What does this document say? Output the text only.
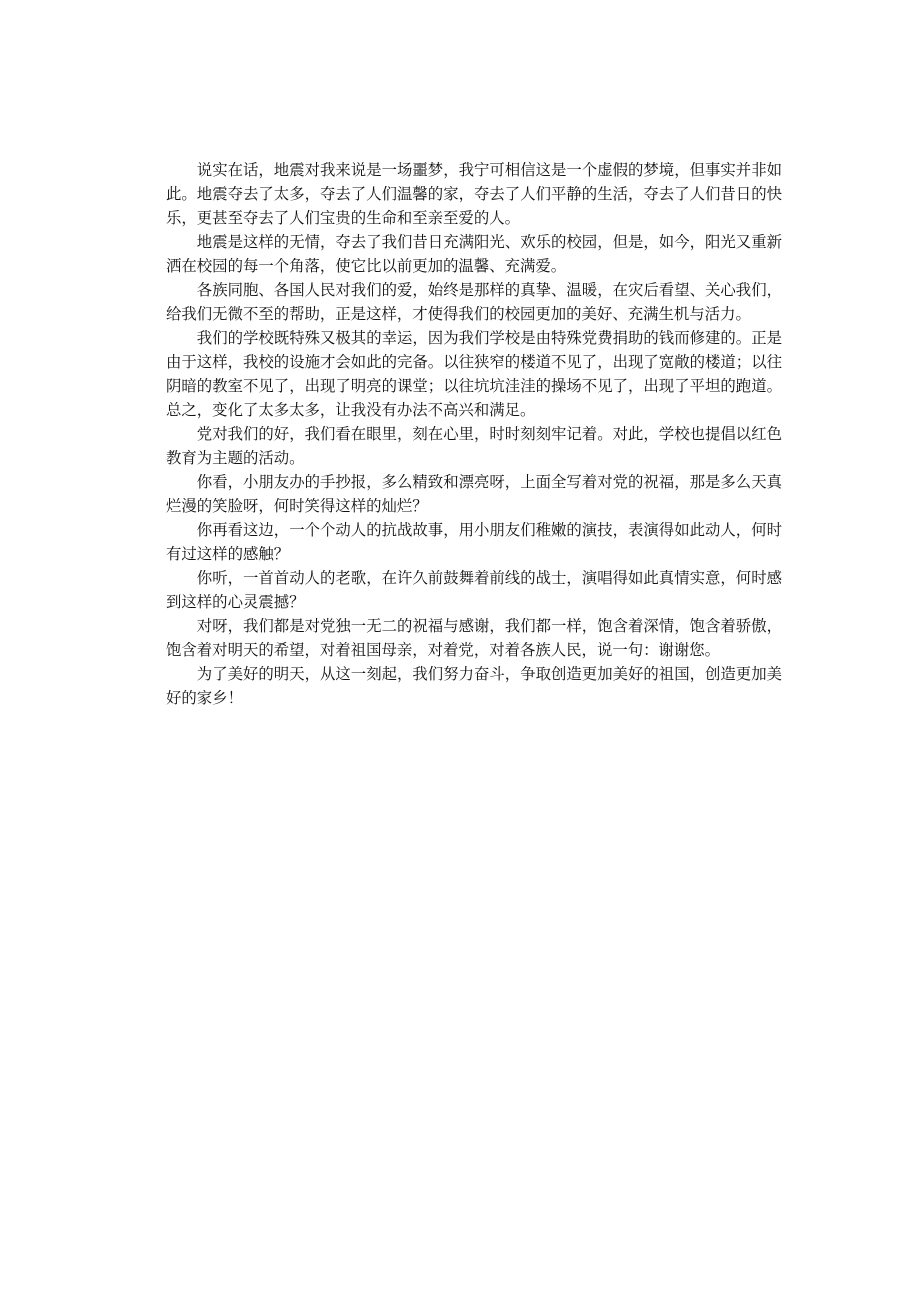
说实在话，地震对我来说是一场噩梦，我宁可相信这是一个虚假的梦境，但事实并非如此。地震夺去了太多，夺去了人们温馨的家，夺去了人们平静的生活，夺去了人们昔日的快乐，更甚至夺去了人们宝贵的生命和至亲至爱的人。

地震是这样的无情，夺去了我们昔日充满阳光、欢乐的校园，但是，如今，阳光又重新洒在校园的每一个角落，使它比以前更加的温馨、充满爱。

各族同胞、各国人民对我们的爱，始终是那样的真挚、温暖，在灾后看望、关心我们，给我们无微不至的帮助，正是这样，才使得我们的校园更加的美好、充满生机与活力。

我们的学校既特殊又极其的幸运，因为我们学校是由特殊党费捐助的钱而修建的。正是由于这样，我校的设施才会如此的完备。以往狭窄的楼道不见了，出现了宽敞的楼道；以往阴暗的教室不见了，出现了明亮的课堂；以往坑坑洼洼的操场不见了，出现了平坦的跑道。总之，变化了太多太多，让我没有办法不高兴和满足。

党对我们的好，我们看在眼里，刻在心里，时时刻刻牢记着。对此，学校也提倡以红色教育为主题的活动。

你看，小朋友办的手抄报，多么精致和漂亮呀，上面全写着对党的祝福，那是多么天真烂漫的笑脸呀，何时笑得这样的灿烂？

你再看这边，一个个动人的抗战故事，用小朋友们稚嫩的演技，表演得如此动人，何时有过这样的感触？

你听，一首首动人的老歌，在许久前鼓舞着前线的战士，演唱得如此真情实意，何时感到这样的心灵震撼？

对呀，我们都是对党独一无二的祝福与感谢，我们都一样，饱含着深情，饱含着骄傲，饱含着对明天的希望，对着祖国母亲，对着党，对着各族人民，说一句：谢谢您。

为了美好的明天，从这一刻起，我们努力奋斗，争取创造更加美好的祖国，创造更加美好的家乡！
